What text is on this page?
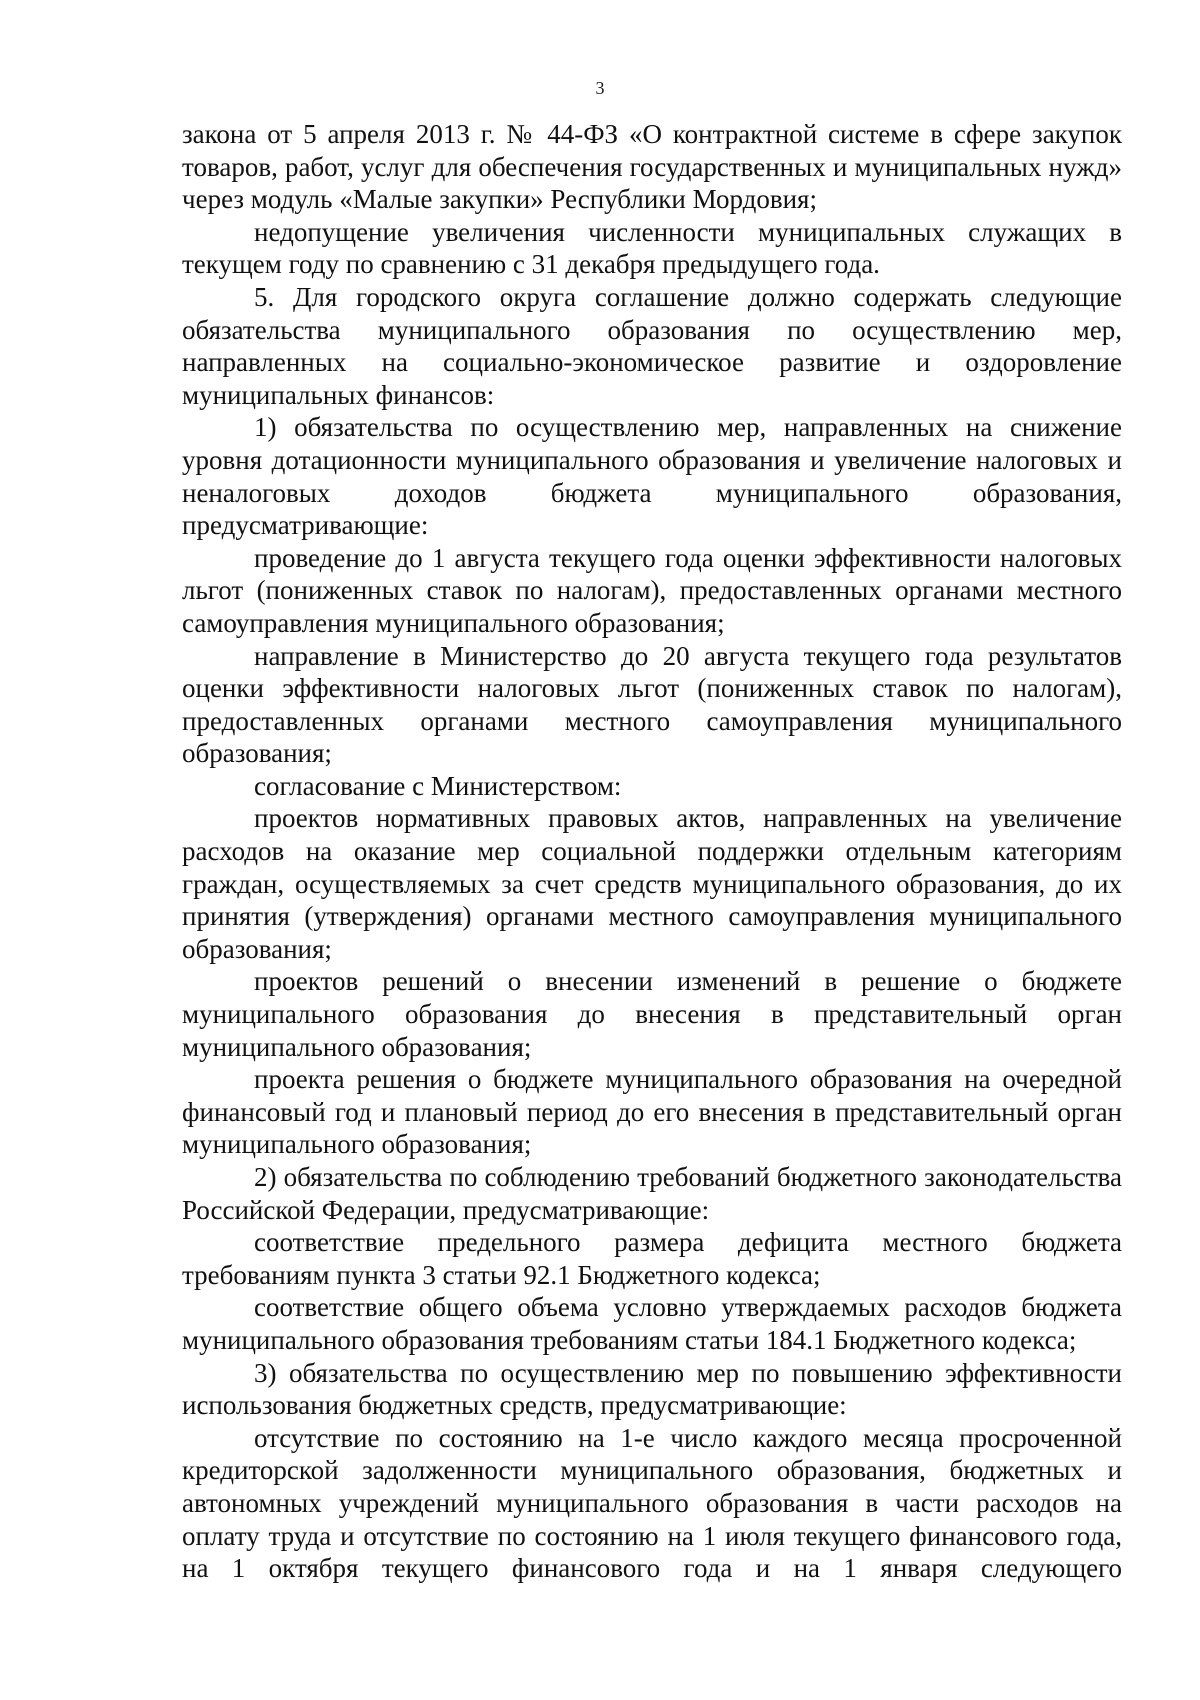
3

закона от 5 апреля 2013 г. № 44-ФЗ «О контрактной системе в сфере закупок товаров, работ, услуг для обеспечения государственных и муниципальных нужд» через модуль «Малые закупки» Республики Мордовия;

недопущение увеличения численности муниципальных служащих в текущем году по сравнению с 31 декабря предыдущего года.

5. Для городского округа соглашение должно содержать следующие обязательства муниципального образования по осуществлению мер, направленных на социально-экономическое развитие и оздоровление муниципальных финансов:

1) обязательства по осуществлению мер, направленных на снижение уровня дотационности муниципального образования и увеличение налоговых и неналоговых доходов бюджета муниципального образования, предусматривающие:

проведение до 1 августа текущего года оценки эффективности налоговых льгот (пониженных ставок по налогам), предоставленных органами местного самоуправления муниципального образования;

направление в Министерство до 20 августа текущего года результатов оценки эффективности налоговых льгот (пониженных ставок по налогам), предоставленных органами местного самоуправления муниципального образования;

согласование с Министерством:

проектов нормативных правовых актов, направленных на увеличение расходов на оказание мер социальной поддержки отдельным категориям граждан, осуществляемых за счет средств муниципального образования, до их принятия (утверждения) органами местного самоуправления муниципального образования;

проектов решений о внесении изменений в решение о бюджете муниципального образования до внесения в представительный орган муниципального образования;

проекта решения о бюджете муниципального образования на очередной финансовый год и плановый период до его внесения в представительный орган муниципального образования;

2) обязательства по соблюдению требований бюджетного законодательства Российской Федерации, предусматривающие:

соответствие предельного размера дефицита местного бюджета требованиям пункта 3 статьи 92.1 Бюджетного кодекса;

соответствие общего объема условно утверждаемых расходов бюджета муниципального образования требованиям статьи 184.1 Бюджетного кодекса;

3) обязательства по осуществлению мер по повышению эффективности использования бюджетных средств, предусматривающие:

отсутствие по состоянию на 1-е число каждого месяца просроченной кредиторской задолженности муниципального образования, бюджетных и автономных учреждений муниципального образования в части расходов на оплату труда и отсутствие по состоянию на 1 июля текущего финансового года, на 1 октября текущего финансового года и на 1 января следующего
